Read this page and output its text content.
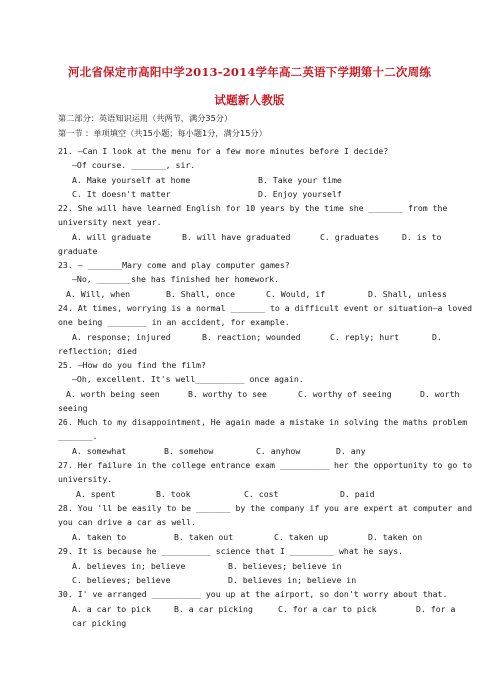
河北省保定市高阳中学2013-2014学年高二英语下学期第十二次周练
试题新人教版
第二部分：英语知识运用（共两节，满分35分）
第一节 ：单项填空（共15小题；每小题1分，满分15分）
21. —Can I look at the menu for a few more minutes before I decide?
—Of course. _______, sir.
A. Make yourself at home	B. Take your time
C. It doesn't matter	D. Enjoy yourself
22. She will have learned English for 10 years by the time she _______ from the
university next year.
A. will graduate	B. will have graduated	C. graduates	D. is to
graduate
23. — _______Mary come and play computer games?
—No, _______she has finished her homework.
A. Will, when	B. Shall, once	C. Would, if	D. Shall, unless
24. At times, worrying is a normal _______ to a difficult event or situation—a loved
one being ________ in an accident, for example.
A. response; injured	B. reaction; wounded	C. reply; hurt	D.
reflection; died
25. —How do you find the film?
—Oh, excellent. It's well__________ once again.
A. worth being seen	B. worthy to see	C. worthy of seeing	D. worth
seeing
26. Much to my disappointment, He again made a mistake in solving the maths problem
_______.
A. somewhat	B. somehow	C. anyhow	D. any
27. Her failure in the college entrance exam __________ her the opportunity to go to
university.
A. spent	B. took	C. cost	D. paid
28. You 'll be easily to be _______ by the company if you are expert at computer and
you can drive a car as well.
A. taken to	B. taken out	C. taken up	D. taken on
29. It is because he __________ science that I _________ what he says.
A. believes in; believe	B. believes; believe in
C. believes; believe	D. believes in; believe in
30. I' ve arranged __________ you up at the airport, so don't worry about that.
A. a car to pick	B. a car picking	C. for a car to pick	D. for a
car picking
